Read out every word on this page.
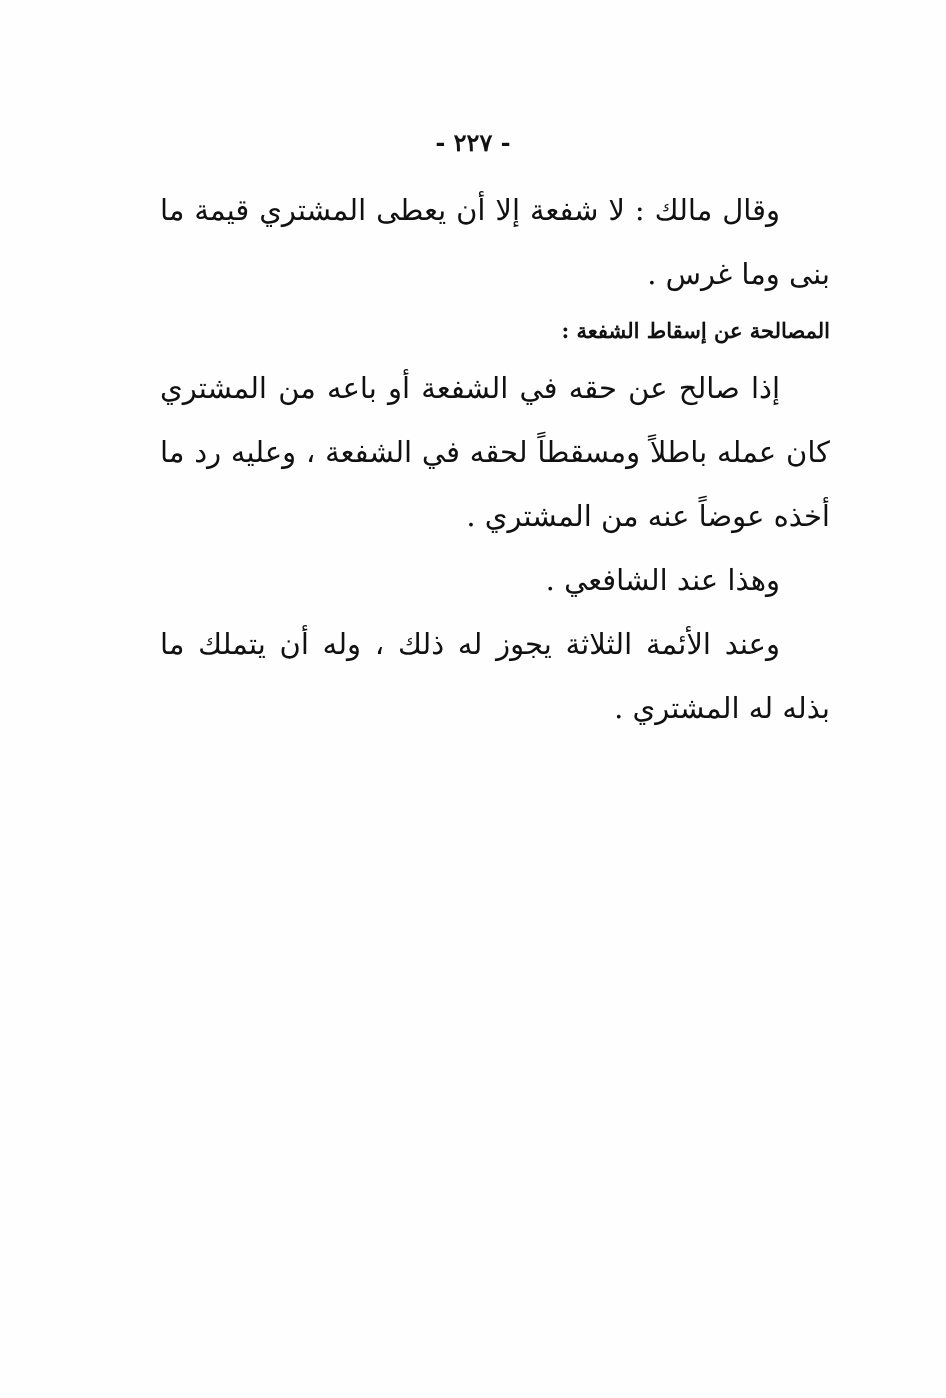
- ٢٢٧ -

وقال مالك : لا شفعة إلا أن يعطى المشتري قيمة ما بنى وما غرس .

المصالحة عن إسقاط الشفعة :

إذا صالح عن حقه في الشفعة أو باعه من المشتري كان عمله باطلاً ومسقطاً لحقه في الشفعة ، وعليه رد ما أخذه عوضاً عنه من المشتري .

وهذا عند الشافعي .

وعند الأئمة الثلاثة يجوز له ذلك ، وله أن يتملك ما بذله له المشتري .
